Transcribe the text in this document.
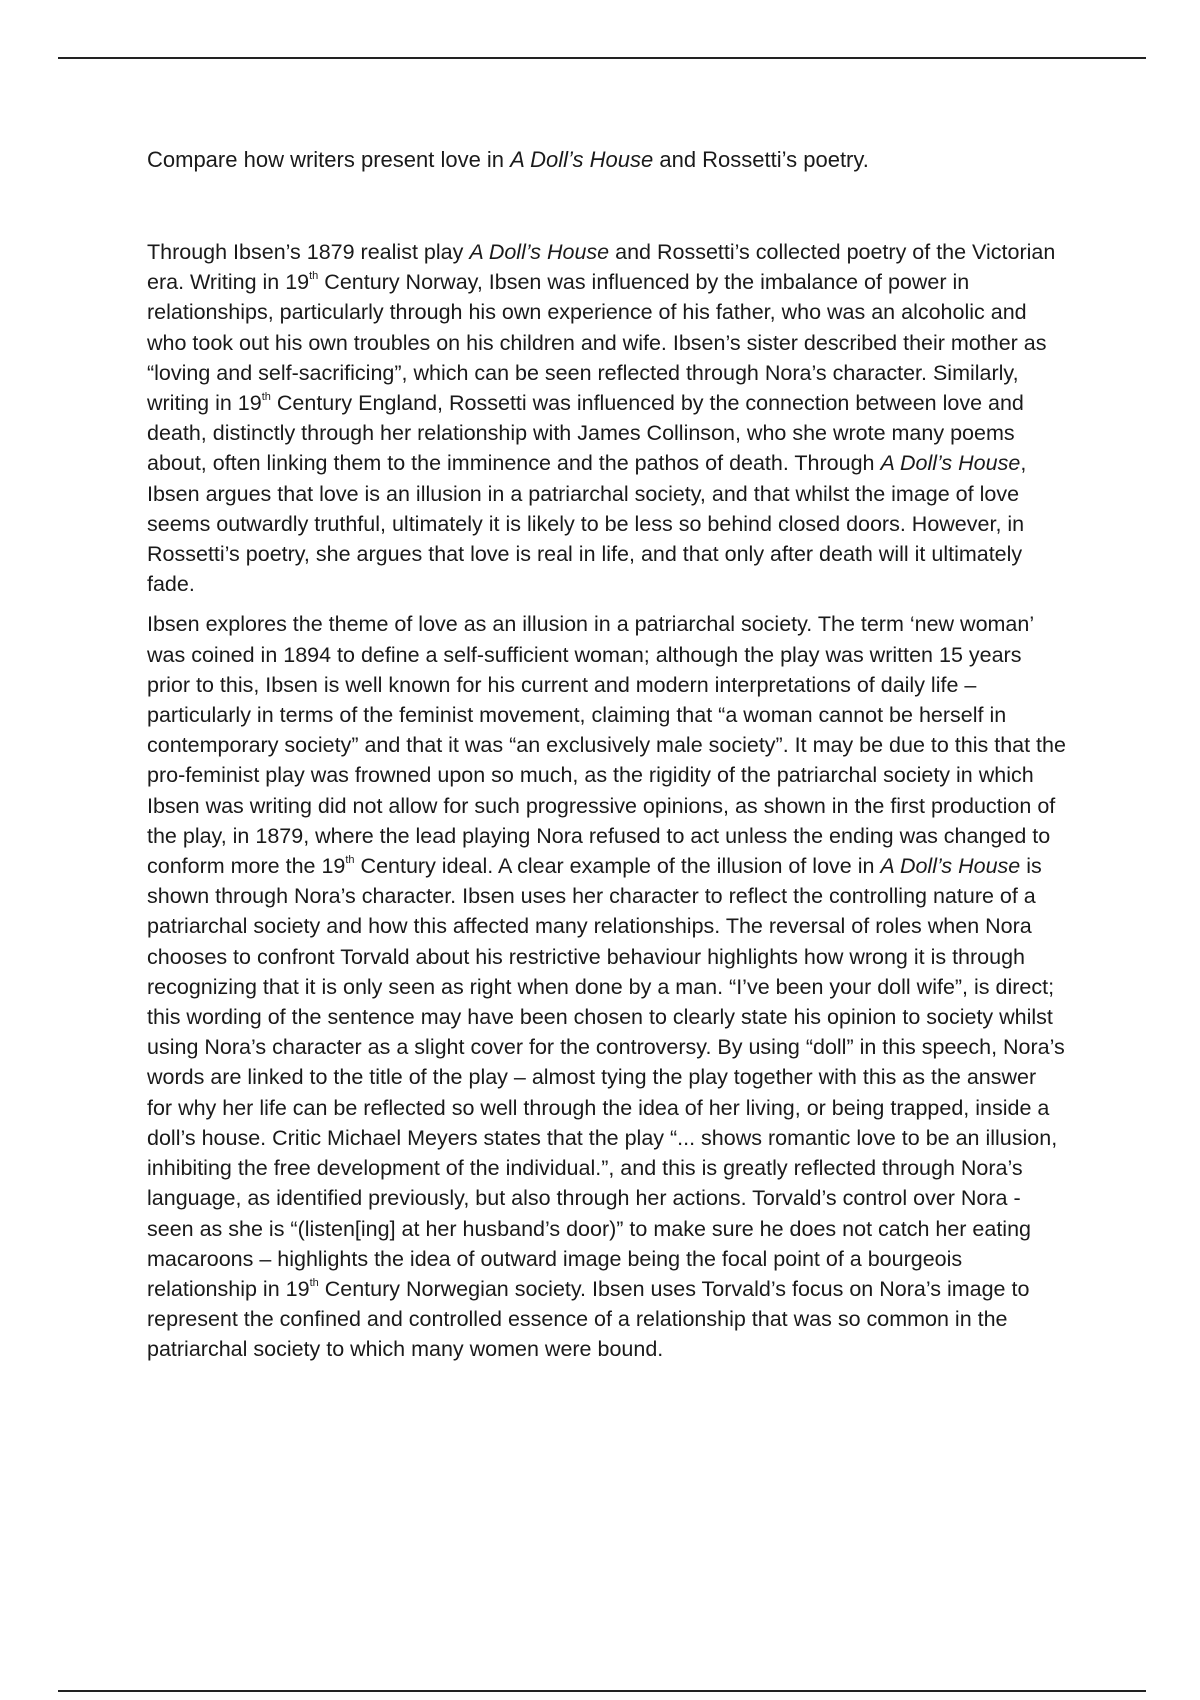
Compare how writers present love in A Doll’s House and Rossetti’s poetry.

Through Ibsen’s 1879 realist play A Doll’s House and Rossetti’s collected poetry of the Victorian era. Writing in 19th Century Norway, Ibsen was influenced by the imbalance of power in relationships, particularly through his own experience of his father, who was an alcoholic and who took out his own troubles on his children and wife. Ibsen’s sister described their mother as “loving and self-sacrificing”, which can be seen reflected through Nora’s character. Similarly, writing in 19th Century England, Rossetti was influenced by the connection between love and death, distinctly through her relationship with James Collinson, who she wrote many poems about, often linking them to the imminence and the pathos of death. Through A Doll’s House, Ibsen argues that love is an illusion in a patriarchal society, and that whilst the image of love seems outwardly truthful, ultimately it is likely to be less so behind closed doors. However, in Rossetti’s poetry, she argues that love is real in life, and that only after death will it ultimately fade.

Ibsen explores the theme of love as an illusion in a patriarchal society. The term ‘new woman’ was coined in 1894 to define a self-sufficient woman; although the play was written 15 years prior to this, Ibsen is well known for his current and modern interpretations of daily life – particularly in terms of the feminist movement, claiming that “a woman cannot be herself in contemporary society” and that it was “an exclusively male society”. It may be due to this that the pro-feminist play was frowned upon so much, as the rigidity of the patriarchal society in which Ibsen was writing did not allow for such progressive opinions, as shown in the first production of the play, in 1879, where the lead playing Nora refused to act unless the ending was changed to conform more the 19th Century ideal. A clear example of the illusion of love in A Doll’s House is shown through Nora’s character. Ibsen uses her character to reflect the controlling nature of a patriarchal society and how this affected many relationships. The reversal of roles when Nora chooses to confront Torvald about his restrictive behaviour highlights how wrong it is through recognizing that it is only seen as right when done by a man. “I’ve been your doll wife”, is direct; this wording of the sentence may have been chosen to clearly state his opinion to society whilst using Nora’s character as a slight cover for the controversy. By using “doll” in this speech, Nora’s words are linked to the title of the play – almost tying the play together with this as the answer for why her life can be reflected so well through the idea of her living, or being trapped, inside a doll’s house. Critic Michael Meyers states that the play “... shows romantic love to be an illusion, inhibiting the free development of the individual.”, and this is greatly reflected through Nora’s language, as identified previously, but also through her actions. Torvald’s control over Nora - seen as she is “(listen[ing] at her husband’s door)” to make sure he does not catch her eating macaroons – highlights the idea of outward image being the focal point of a bourgeois relationship in 19th Century Norwegian society. Ibsen uses Torvald’s focus on Nora’s image to represent the confined and controlled essence of a relationship that was so common in the patriarchal society to which many women were bound.
